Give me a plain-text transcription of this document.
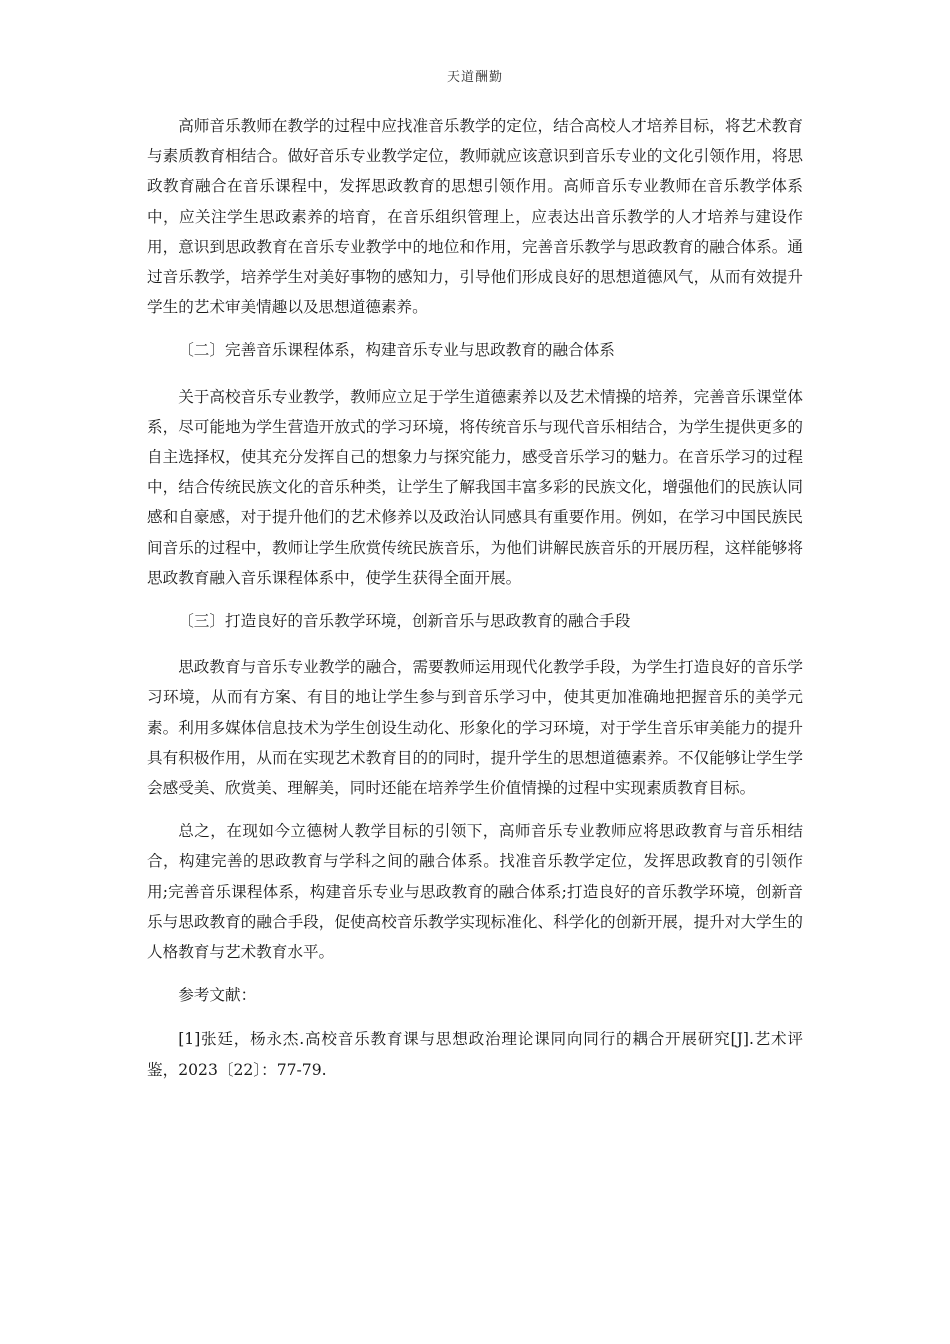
天道酬勤

高师音乐教师在教学的过程中应找准音乐教学的定位，结合高校人才培养目标，将艺术教育与素质教育相结合。做好音乐专业教学定位，教师就应该意识到音乐专业的文化引领作用，将思政教育融合在音乐课程中，发挥思政教育的思想引领作用。高师音乐专业教师在音乐教学体系中，应关注学生思政素养的培育，在音乐组织管理上，应表达出音乐教学的人才培养与建设作用，意识到思政教育在音乐专业教学中的地位和作用，完善音乐教学与思政教育的融合体系。通过音乐教学，培养学生对美好事物的感知力，引导他们形成良好的思想道德风气，从而有效提升学生的艺术审美情趣以及思想道德素养。

〔二〕完善音乐课程体系，构建音乐专业与思政教育的融合体系

关于高校音乐专业教学，教师应立足于学生道德素养以及艺术情操的培养，完善音乐课堂体系，尽可能地为学生营造开放式的学习环境，将传统音乐与现代音乐相结合，为学生提供更多的自主选择权，使其充分发挥自己的想象力与探究能力，感受音乐学习的魅力。在音乐学习的过程中，结合传统民族文化的音乐种类，让学生了解我国丰富多彩的民族文化，增强他们的民族认同感和自豪感，对于提升他们的艺术修养以及政治认同感具有重要作用。例如，在学习中国民族民间音乐的过程中，教师让学生欣赏传统民族音乐，为他们讲解民族音乐的开展历程，这样能够将思政教育融入音乐课程体系中，使学生获得全面开展。

〔三〕打造良好的音乐教学环境，创新音乐与思政教育的融合手段

思政教育与音乐专业教学的融合，需要教师运用现代化教学手段，为学生打造良好的音乐学习环境，从而有方案、有目的地让学生参与到音乐学习中，使其更加准确地把握音乐的美学元素。利用多媒体信息技术为学生创设生动化、形象化的学习环境，对于学生音乐审美能力的提升具有积极作用，从而在实现艺术教育目的的同时，提升学生的思想道德素养。不仅能够让学生学会感受美、欣赏美、理解美，同时还能在培养学生价值情操的过程中实现素质教育目标。

总之，在现如今立德树人教学目标的引领下，高师音乐专业教师应将思政教育与音乐相结合，构建完善的思政教育与学科之间的融合体系。找准音乐教学定位，发挥思政教育的引领作用;完善音乐课程体系，构建音乐专业与思政教育的融合体系;打造良好的音乐教学环境，创新音乐与思政教育的融合手段，促使高校音乐教学实现标准化、科学化的创新开展，提升对大学生的人格教育与艺术教育水平。

参考文献：

[1]张廷，杨永杰.高校音乐教育课与思想政治理论课同向同行的耦合开展研究[J].艺术评鉴，2023〔22〕：77-79.
